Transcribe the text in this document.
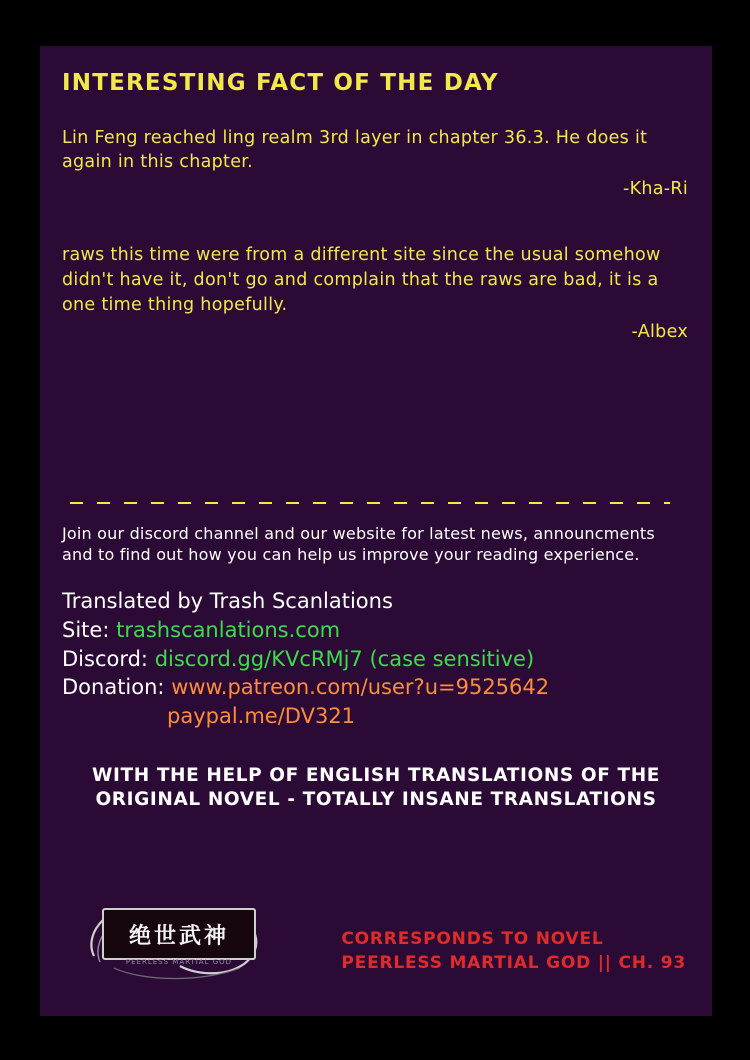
INTERESTING FACT OF THE DAY
Lin Feng reached ling realm 3rd layer in chapter 36.3. He does it again in this chapter.
-Kha-Ri
raws this time were from a different site since the usual somehow didn't have it, don't go and complain that the raws are bad, it is a one time thing hopefully.
-Albex
Join our discord channel and our website for latest news, announcments and to find out how you can help us improve your reading experience.
Translated by Trash Scanlations
Site: trashscanlations.com
Discord: discord.gg/KVcRMj7 (case sensitive)
Donation: www.patreon.com/user?u=9525642
paypal.me/DV321
WITH THE HELP OF ENGLISH TRANSLATIONS OF THE ORIGINAL NOVEL - TOTALLY INSANE TRANSLATIONS
绝世武神
PEERLESS MARTIAL GOD
CORRESPONDS TO NOVEL
PEERLESS MARTIAL GOD || CH. 93
